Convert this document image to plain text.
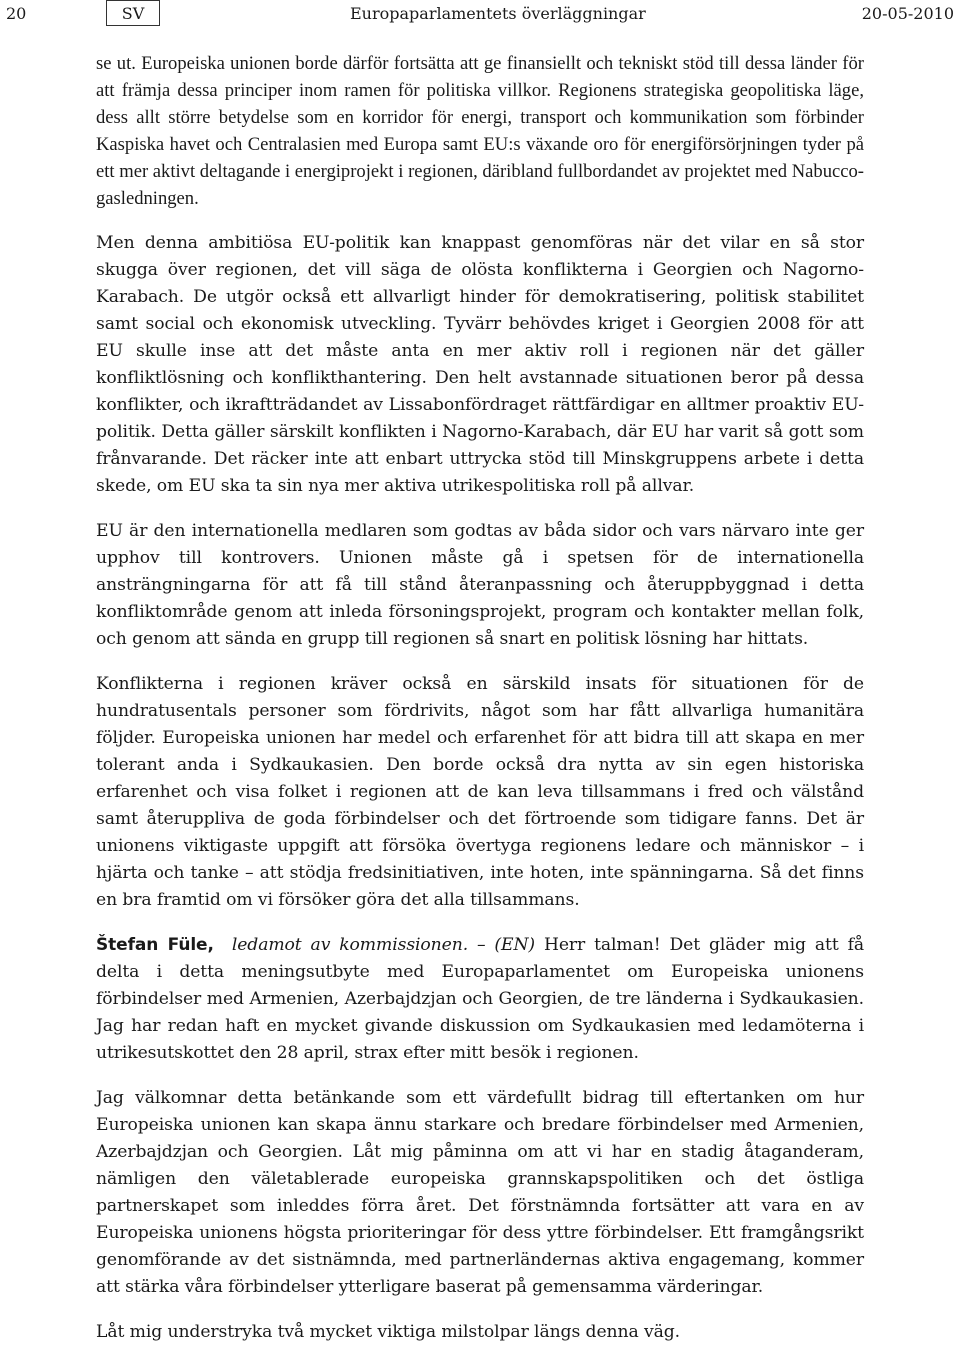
20	SV	Europaparlamentets överläggningar	20-05-2010

se ut. Europeiska unionen borde därför fortsätta att ge finansiellt och tekniskt stöd till dessa länder för att främja dessa principer inom ramen för politiska villkor. Regionens strategiska geopolitiska läge, dess allt större betydelse som en korridor för energi, transport och kommunikation som förbinder Kaspiska havet och Centralasien med Europa samt EU:s växande oro för energiförsörjningen tyder på ett mer aktivt deltagande i energiprojekt i regionen, däribland fullbordandet av projektet med Nabucco-gasledningen.

Men denna ambitiösa EU-politik kan knappast genomföras när det vilar en så stor skugga över regionen, det vill säga de olösta konflikterna i Georgien och Nagorno-Karabach. De utgör också ett allvarligt hinder för demokratisering, politisk stabilitet samt social och ekonomisk utveckling. Tyvärr behövdes kriget i Georgien 2008 för att EU skulle inse att det måste anta en mer aktiv roll i regionen när det gäller konfliktlösning och konflikthantering. Den helt avstannade situationen beror på dessa konflikter, och ikraftträdandet av Lissabonfördraget rättfärdigar en alltmer proaktiv EU-politik. Detta gäller särskilt konflikten i Nagorno-Karabach, där EU har varit så gott som frånvarande. Det räcker inte att enbart uttrycka stöd till Minskgruppens arbete i detta skede, om EU ska ta sin nya mer aktiva utrikespolitiska roll på allvar.

EU är den internationella medlaren som godtas av båda sidor och vars närvaro inte ger upphov till kontrovers. Unionen måste gå i spetsen för de internationella ansträngningarna för att få till stånd återanpassning och återuppbyggnad i detta konfliktområde genom att inleda försoningsprojekt, program och kontakter mellan folk, och genom att sända en grupp till regionen så snart en politisk lösning har hittats.

Konflikterna i regionen kräver också en särskild insats för situationen för de hundratusentals personer som fördrivits, något som har fått allvarliga humanitära följder. Europeiska unionen har medel och erfarenhet för att bidra till att skapa en mer tolerant anda i Sydkaukasien. Den borde också dra nytta av sin egen historiska erfarenhet och visa folket i regionen att de kan leva tillsammans i fred och välstånd samt återuppliva de goda förbindelser och det förtroende som tidigare fanns. Det är unionens viktigaste uppgift att försöka övertyga regionens ledare och människor – i hjärta och tanke – att stödja fredsinitiativen, inte hoten, inte spänningarna. Så det finns en bra framtid om vi försöker göra det alla tillsammans.

Štefan Füle, ledamot av kommissionen. – (EN) Herr talman! Det gläder mig att få delta i detta meningsutbyte med Europaparlamentet om Europeiska unionens förbindelser med Armenien, Azerbajdzjan och Georgien, de tre länderna i Sydkaukasien. Jag har redan haft en mycket givande diskussion om Sydkaukasien med ledamöterna i utrikesutskottet den 28 april, strax efter mitt besök i regionen.

Jag välkomnar detta betänkande som ett värdefullt bidrag till eftertanken om hur Europeiska unionen kan skapa ännu starkare och bredare förbindelser med Armenien, Azerbajdzjan och Georgien. Låt mig påminna om att vi har en stadig åtaganderam, nämligen den väletablerade europeiska grannskapspolitiken och det östliga partnerskapet som inleddes förra året. Det förstnämnda fortsätter att vara en av Europeiska unionens högsta prioriteringar för dess yttre förbindelser. Ett framgångsrikt genomförande av det sistnämnda, med partnerländernas aktiva engagemang, kommer att stärka våra förbindelser ytterligare baserat på gemensamma värderingar.

Låt mig understryka två mycket viktiga milstolpar längs denna väg.
